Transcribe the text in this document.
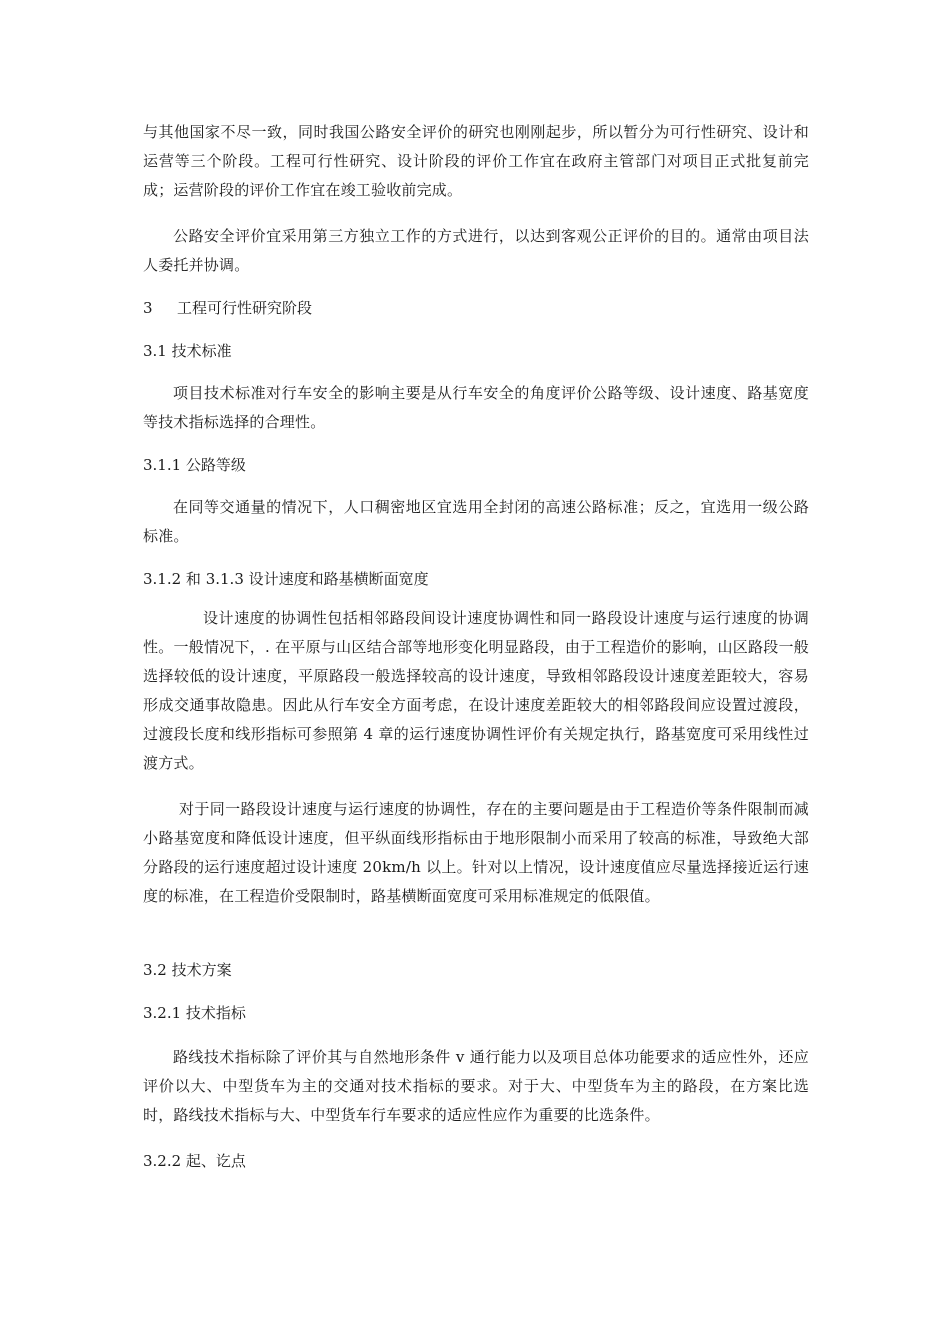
与其他国家不尽一致，同时我国公路安全评价的研究也刚刚起步，所以暂分为可行性研究、设计和运营等三个阶段。工程可行性研究、设计阶段的评价工作宜在政府主管部门对项目正式批复前完成；运营阶段的评价工作宜在竣工验收前完成。

公路安全评价宜采用第三方独立工作的方式进行，以达到客观公正评价的目的。通常由项目法人委托并协调。

3 工程可行性研究阶段
3.1 技术标准

项目技术标准对行车安全的影响主要是从行车安全的角度评价公路等级、设计速度、路基宽度等技术指标选择的合理性。

3.1.1 公路等级

在同等交通量的情况下，人口稠密地区宜选用全封闭的高速公路标准；反之，宜选用一级公路标准。

3.1.2 和 3.1.3 设计速度和路基横断面宽度

设计速度的协调性包括相邻路段间设计速度协调性和同一路段设计速度与运行速度的协调性。一般情况下，. 在平原与山区结合部等地形变化明显路段，由于工程造价的影响，山区路段一般选择较低的设计速度，平原路段一般选择较高的设计速度，导致相邻路段设计速度差距较大，容易形成交通事故隐患。因此从行车安全方面考虑，在设计速度差距较大的相邻路段间应设置过渡段，过渡段长度和线形指标可参照第 4 章的运行速度协调性评价有关规定执行，路基宽度可采用线性过渡方式。

对于同一路段设计速度与运行速度的协调性，存在的主要问题是由于工程造价等条件限制而减小路基宽度和降低设计速度，但平纵面线形指标由于地形限制小而采用了较高的标准，导致绝大部分路段的运行速度超过设计速度 20km/h 以上。针对以上情况，设计速度值应尽量选择接近运行速度的标准，在工程造价受限制时，路基横断面宽度可采用标准规定的低限值。

3.2 技术方案
3.2.1 技术指标

路线技术指标除了评价其与自然地形条件 v 通行能力以及项目总体功能要求的适应性外，还应评价以大、中型货车为主的交通对技术指标的要求。对于大、中型货车为主的路段，在方案比选时，路线技术指标与大、中型货车行车要求的适应性应作为重要的比选条件。

3.2.2 起、讫点
